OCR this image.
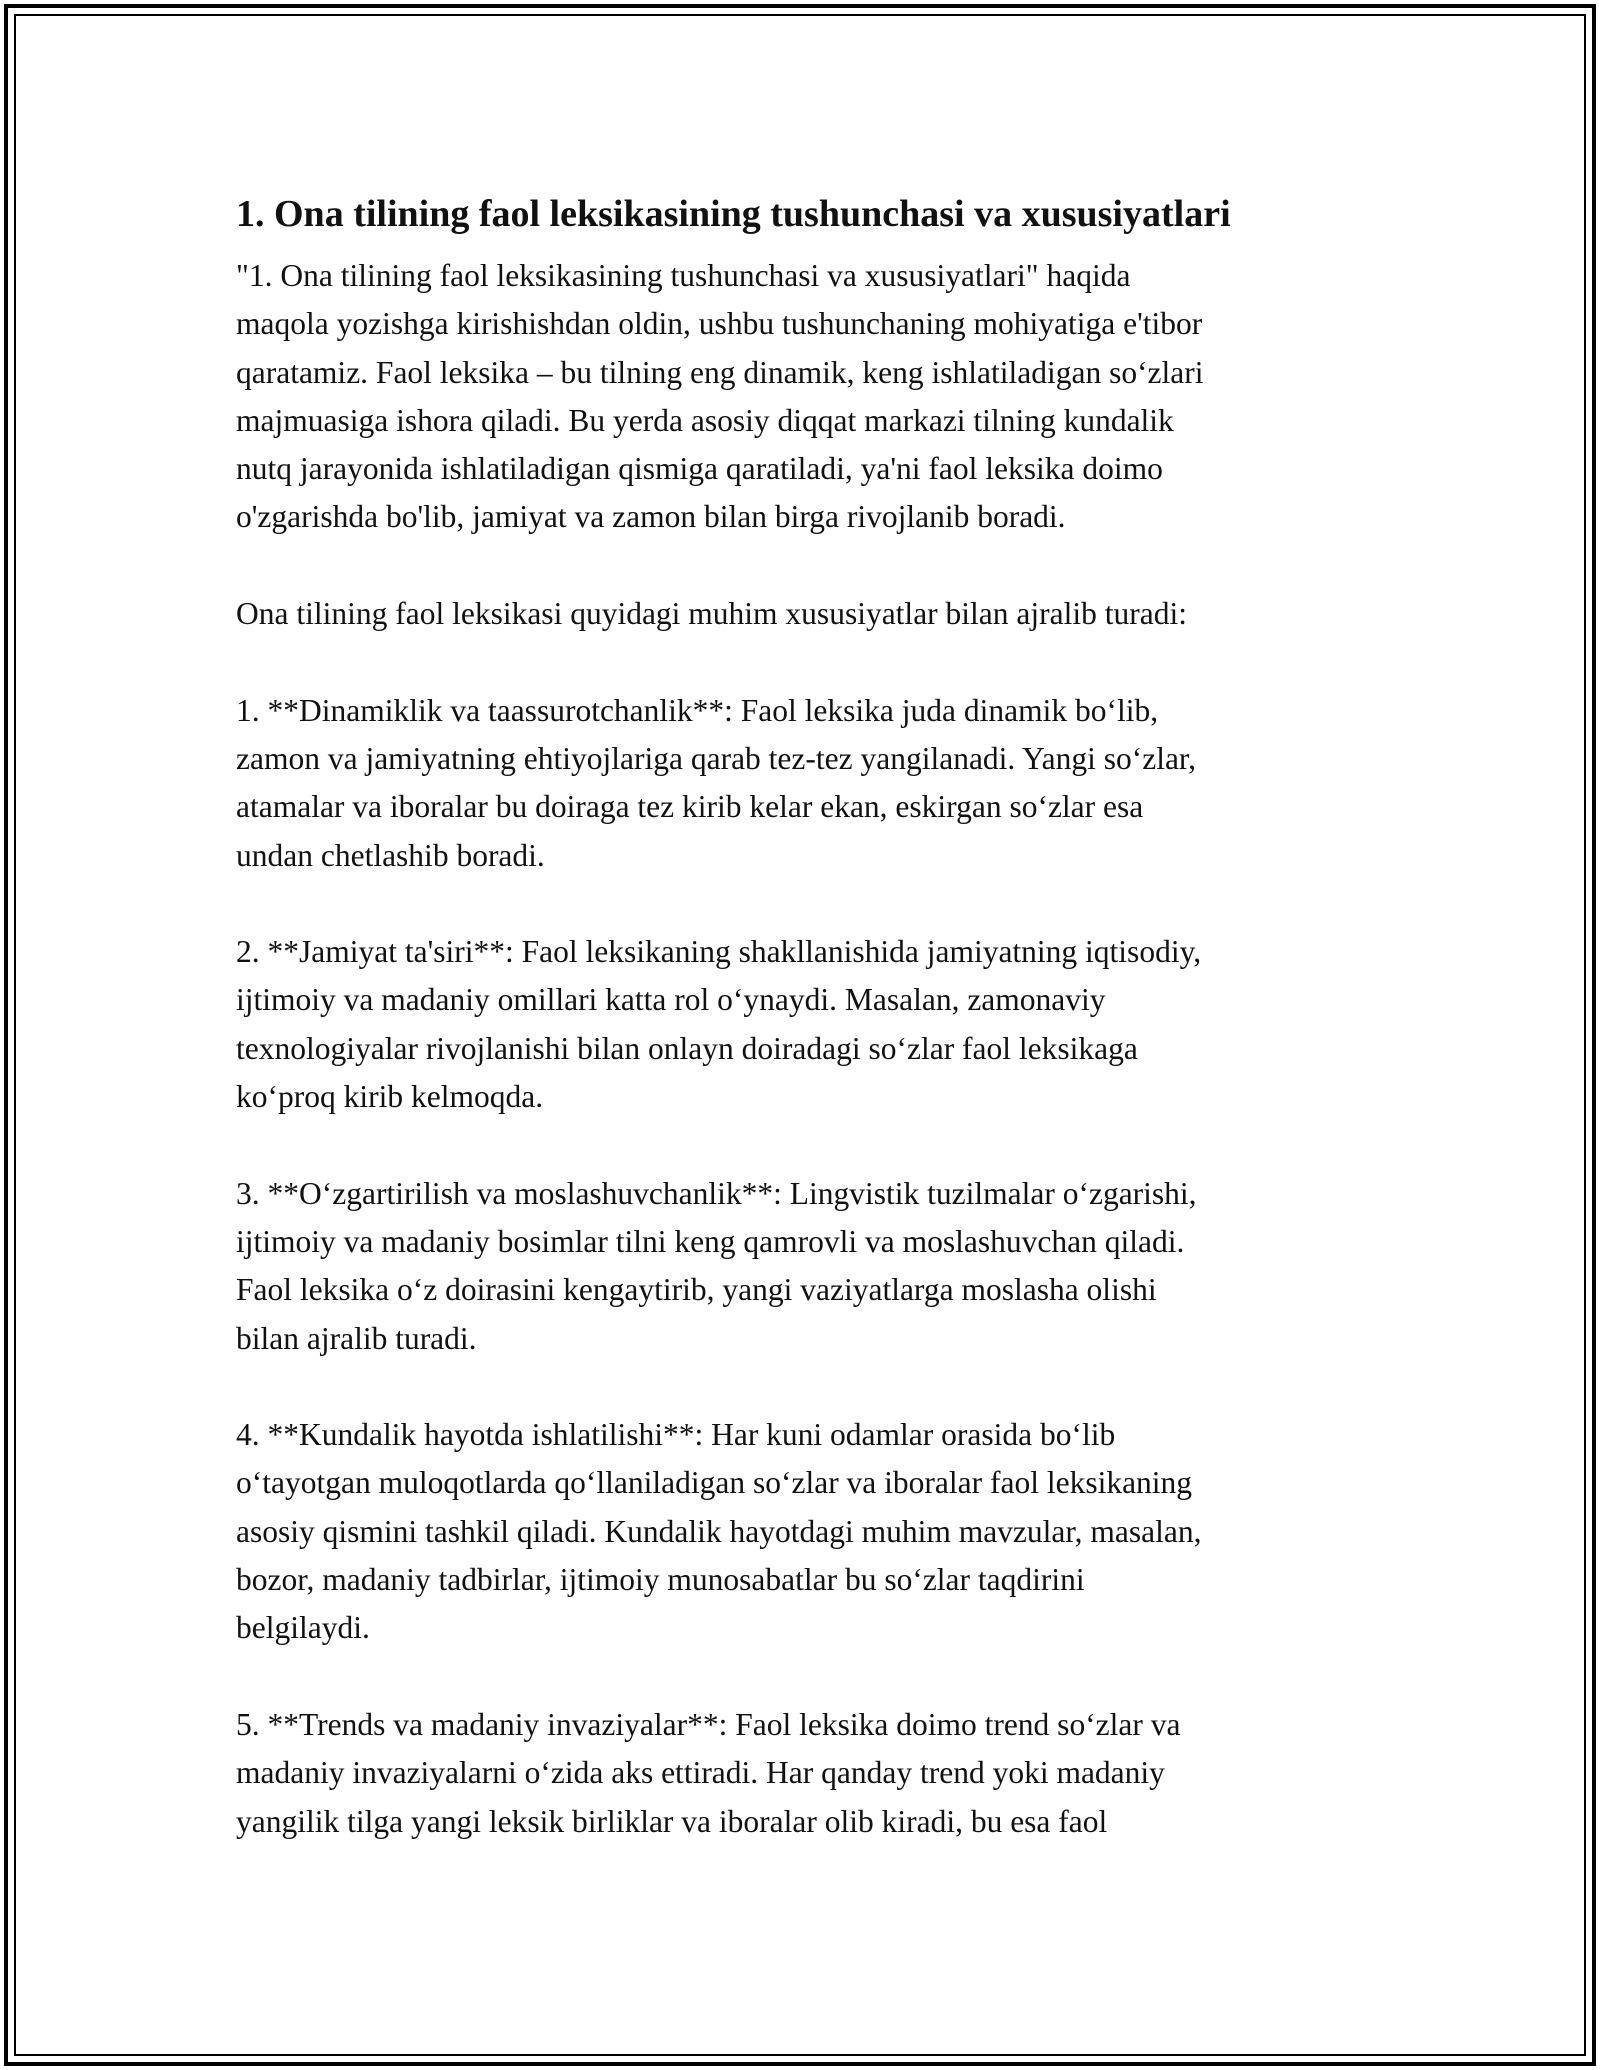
1. Ona tilining faol leksikasining tushunchasi va xususiyatlari

"1. Ona tilining faol leksikasining tushunchasi va xususiyatlari" haqida
maqola yozishga kirishishdan oldin, ushbu tushunchaning mohiyatiga e'tibor
qaratamiz. Faol leksika – bu tilning eng dinamik, keng ishlatiladigan so‘zlari
majmuasiga ishora qiladi. Bu yerda asosiy diqqat markazi tilning kundalik
nutq jarayonida ishlatiladigan qismiga qaratiladi, ya'ni faol leksika doimo
o'zgarishda bo'lib, jamiyat va zamon bilan birga rivojlanib boradi.

Ona tilining faol leksikasi quyidagi muhim xususiyatlar bilan ajralib turadi:

1. **Dinamiklik va taassurotchanlik**: Faol leksika juda dinamik bo‘lib,
zamon va jamiyatning ehtiyojlariga qarab tez-tez yangilanadi. Yangi so‘zlar,
atamalar va iboralar bu doiraga tez kirib kelar ekan, eskirgan so‘zlar esa
undan chetlashib boradi.

2. **Jamiyat ta'siri**: Faol leksikaning shakllanishida jamiyatning iqtisodiy,
ijtimoiy va madaniy omillari katta rol o‘ynaydi. Masalan, zamonaviy
texnologiyalar rivojlanishi bilan onlayn doiradagi so‘zlar faol leksikaga
ko‘proq kirib kelmoqda.

3. **O‘zgartirilish va moslashuvchanlik**: Lingvistik tuzilmalar o‘zgarishi,
ijtimoiy va madaniy bosimlar tilni keng qamrovli va moslashuvchan qiladi.
Faol leksika o‘z doirasini kengaytirib, yangi vaziyatlarga moslasha olishi
bilan ajralib turadi.

4. **Kundalik hayotda ishlatilishi**: Har kuni odamlar orasida bo‘lib
o‘tayotgan muloqotlarda qo‘llaniladigan so‘zlar va iboralar faol leksikaning
asosiy qismini tashkil qiladi. Kundalik hayotdagi muhim mavzular, masalan,
bozor, madaniy tadbirlar, ijtimoiy munosabatlar bu so‘zlar taqdirini
belgilaydi.

5. **Trends va madaniy invaziyalar**: Faol leksika doimo trend so‘zlar va
madaniy invaziyalarni o‘zida aks ettiradi. Har qanday trend yoki madaniy
yangilik tilga yangi leksik birliklar va iboralar olib kiradi, bu esa faol
